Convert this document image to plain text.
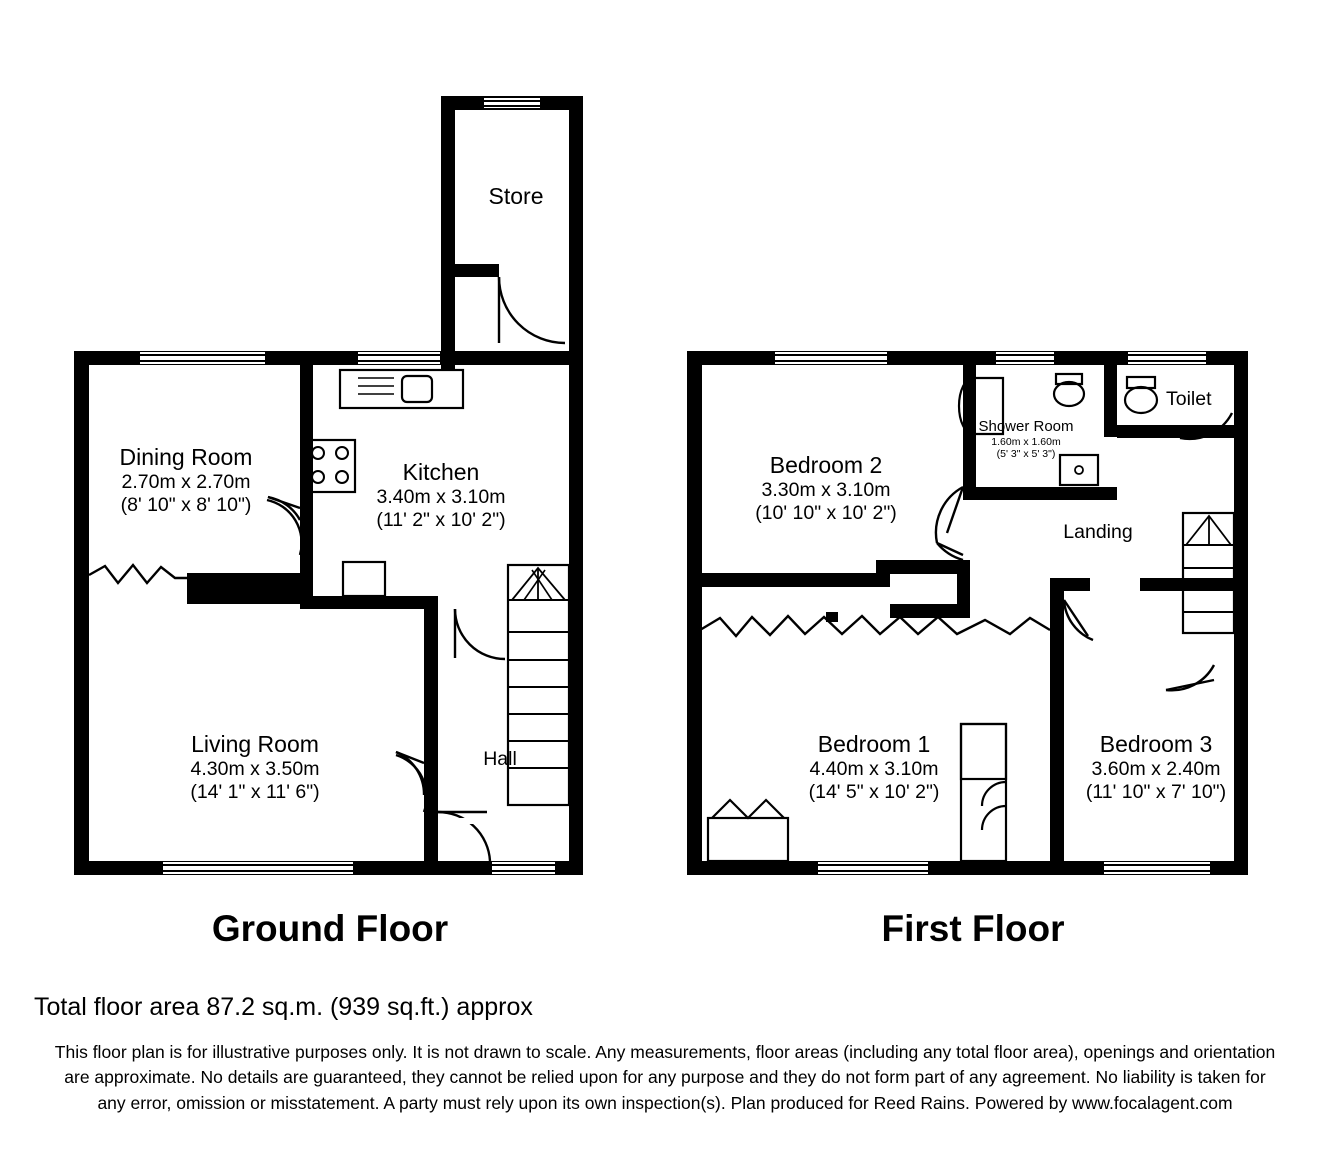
Store
Dining Room
2.70m x 2.70m
(8' 10" x 8' 10")
Kitchen
3.40m x 3.10m
(11' 2" x 10' 2")
Living Room
4.30m x 3.50m
(14' 1" x 11' 6")
Hall
Ground Floor
Bedroom 2
3.30m x 3.10m
(10' 10" x 10' 2")
Shower Room
1.60m x 1.60m
(5' 3" x 5' 3")
Toilet
Landing
Bedroom 1
4.40m x 3.10m
(14' 5" x 10' 2")
Bedroom 3
3.60m x 2.40m
(11' 10" x 7' 10")
First Floor
Total floor area 87.2 sq.m. (939 sq.ft.) approx
This floor plan is for illustrative purposes only. It is not drawn to scale. Any measurements, floor areas (including any total floor area), openings and orientation are approximate. No details are guaranteed, they cannot be relied upon for any purpose and they do not form part of any agreement. No liability is taken for any error, omission or misstatement. A party must rely upon its own inspection(s). Plan produced for Reed Rains. Powered by www.focalagent.com
